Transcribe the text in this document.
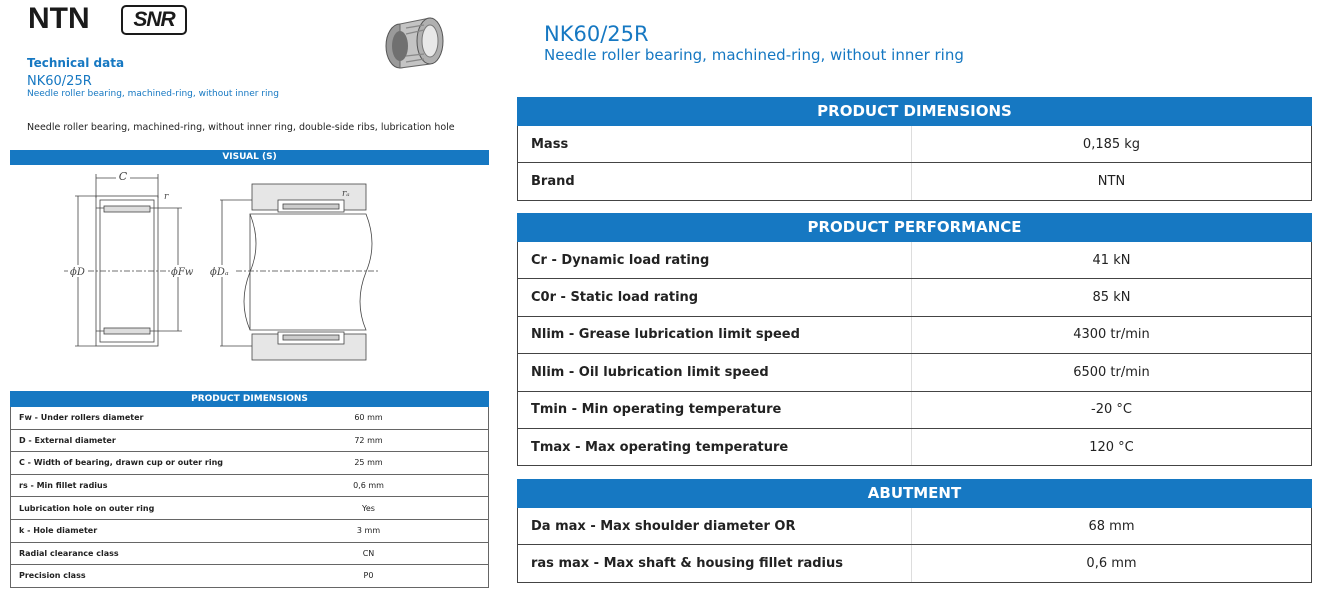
NTN SNR
Technical data
NK60/25R
Needle roller bearing, machined-ring, without inner ring
Needle roller bearing, machined-ring, without inner ring, double-side ribs, lubrication hole
VISUAL (S)
C
r
ϕD	ϕFw
rₐ
ϕDₐ
PRODUCT DIMENSIONS
Fw - Under rollers diameter	60 mm
D - External diameter	72 mm
C - Width of bearing, drawn cup or outer ring	25 mm
rs - Min fillet radius	0,6 mm
Lubrication hole on outer ring	Yes
k - Hole diameter	3 mm
Radial clearance class	CN
Precision class	P0
NK60/25R
Needle roller bearing, machined-ring, without inner ring
PRODUCT DIMENSIONS
Mass	0,185 kg
Brand	NTN
PRODUCT PERFORMANCE
Cr - Dynamic load rating	41 kN
C0r - Static load rating	85 kN
Nlim - Grease lubrication limit speed	4300 tr/min
Nlim - Oil lubrication limit speed	6500 tr/min
Tmin - Min operating temperature	-20 °C
Tmax - Max operating temperature	120 °C
ABUTMENT
Da max - Max shoulder diameter OR	68 mm
ras max - Max shaft & housing fillet radius	0,6 mm
